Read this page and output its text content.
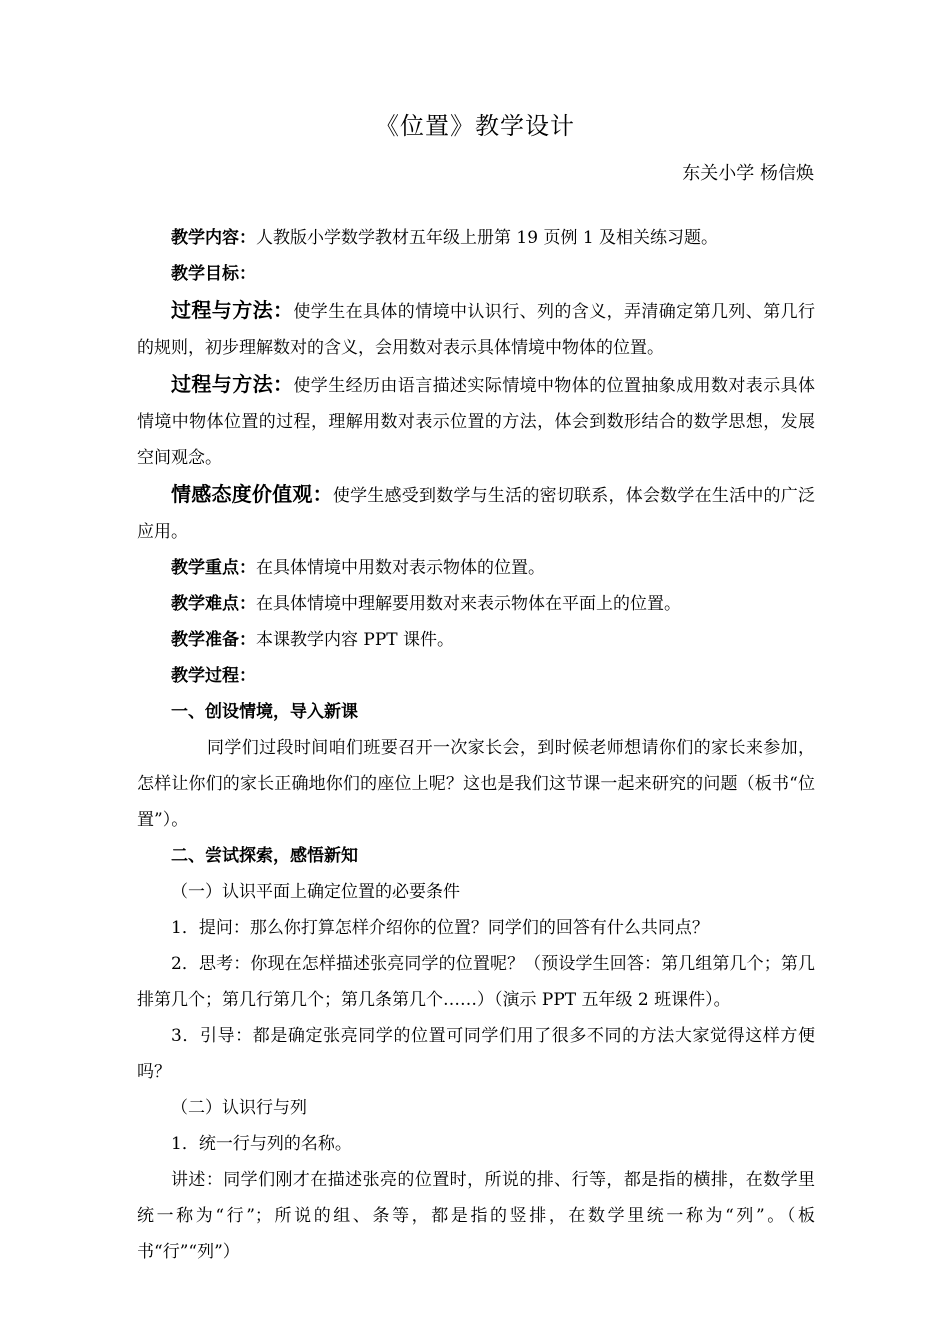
《位置》教学设计
东关小学 杨信焕

教学内容：人教版小学数学教材五年级上册第 19 页例 1 及相关练习题。

教学目标：

过程与方法：使学生在具体的情境中认识行、列的含义，弄清确定第几列、第几行的规则，初步理解数对的含义，会用数对表示具体情境中物体的位置。

过程与方法：使学生经历由语言描述实际情境中物体的位置抽象成用数对表示具体情境中物体位置的过程，理解用数对表示位置的方法，体会到数形结合的数学思想，发展空间观念。

情感态度价值观：使学生感受到数学与生活的密切联系，体会数学在生活中的广泛应用。

教学重点：在具体情境中用数对表示物体的位置。

教学难点：在具体情境中理解要用数对来表示物体在平面上的位置。

教学准备：本课教学内容 PPT 课件。

教学过程：

一、创设情境，导入新课

同学们过段时间咱们班要召开一次家长会，到时候老师想请你们的家长来参加，怎样让你们的家长正确地你们的座位上呢？这也是我们这节课一起来研究的问题（板书“位置”）。

二、尝试探索，感悟新知

（一）认识平面上确定位置的必要条件

1．提问：那么你打算怎样介绍你的位置？同学们的回答有什么共同点？

2．思考：你现在怎样描述张亮同学的位置呢？（预设学生回答：第几组第几个；第几排第几个；第几行第几个；第几条第几个……）（演示 PPT 五年级 2 班课件）。

3．引导：都是确定张亮同学的位置可同学们用了很多不同的方法大家觉得这样方便吗？

（二）认识行与列

1．统一行与列的名称。

讲述：同学们刚才在描述张亮的位置时，所说的排、行等，都是指的横排，在数学里统一称为“行”；所说的组、条等，都是指的竖排，在数学里统一称为“列”。（板书“行”“列”）
